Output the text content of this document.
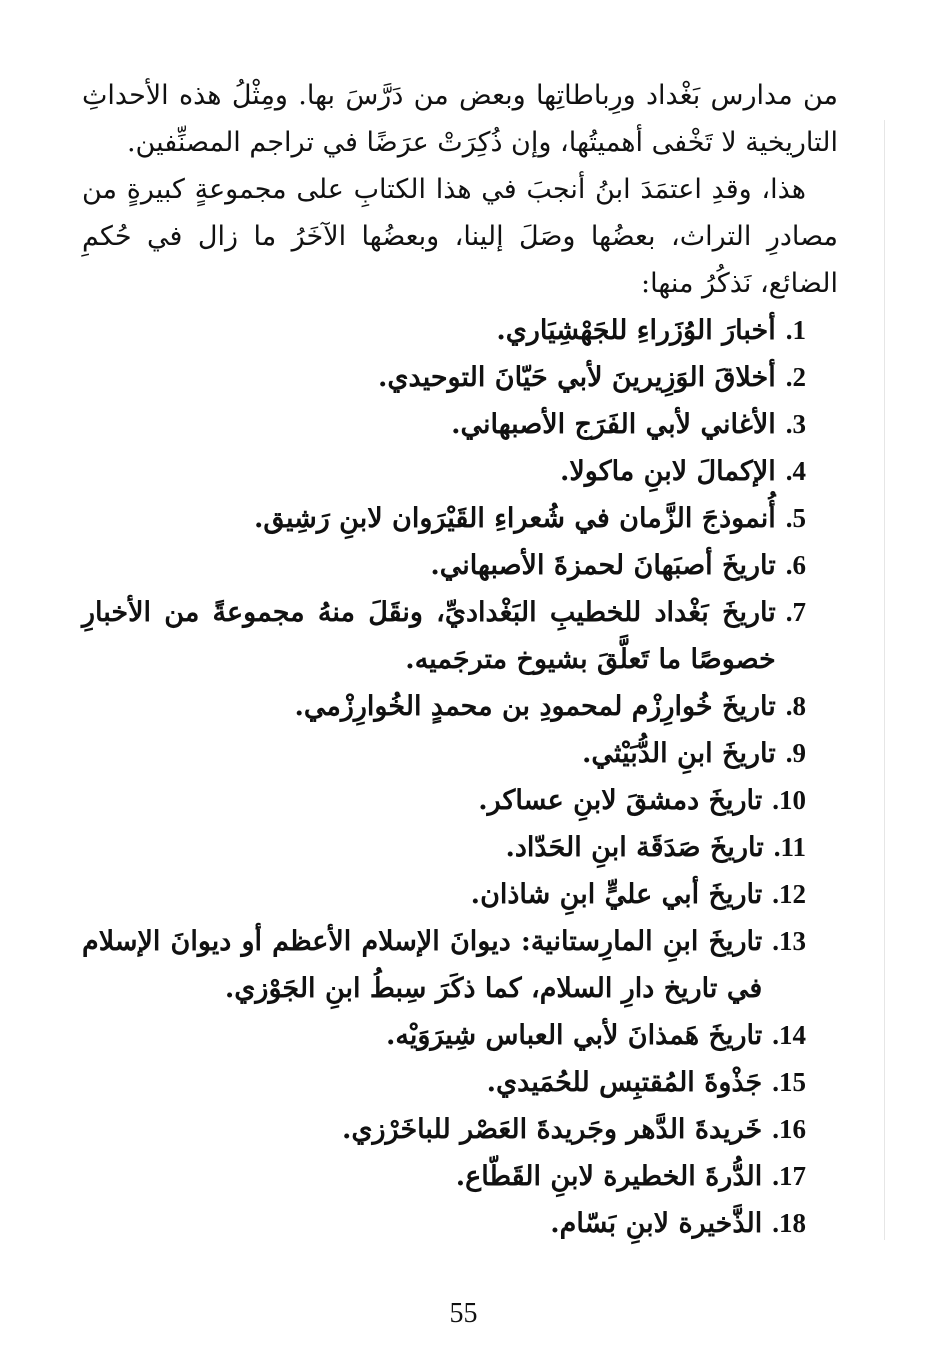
من مدارس بَغْداد ورِباطاتِها وبعض من دَرَّسَ بها. ومِثْلُ هذه الأحداثِ التاريخية لا تَخْفى أهميتُها، وإن ذُكِرَتْ عرَضًا في تراجم المصنِّفين.

هذا، وقدِ اعتمَدَ ابنُ أنجبَ في هذا الكتابِ على مجموعةٍ كبيرةٍ من مصادرِ التراث، بعضُها وصَلَ إلينا، وبعضُها الآخَرُ ما زال في حُكمِ الضائع، نَذكُرُ منها:

1.
أخبارَ الوُزَراءِ للجَهْشِيَاري.
2.
أخلاقَ الوَزِيرينَ لأبي حَيّانَ التوحيدي.
3.
الأغاني لأبي الفَرَج الأصبهاني.
4.
الإكمالَ لابنِ ماكولا.
5.
أُنموذجَ الزَّمان في شُعراءِ القَيْرَوان لابنِ رَشِيق.
6.
تاريخَ أصبَهانَ لحمزةَ الأصبهاني.
7.
تاريخَ بَغْداد للخطيبِ البَغْداديِّ، ونقَلَ منهُ مجموعةً من الأخبارِ خصوصًا ما تَعلَّقَ بشيوخ مترجَميه.
8.
تاريخَ خُوارِزْم لمحمودِ بن محمدٍ الخُوارِزْمي.
9.
تاريخَ ابنِ الدُّبَيْثي.
10.
تاريخَ دمشقَ لابنِ عساكر.
11.
تاريخَ صَدَقَة ابنِ الحَدّاد.
12.
تاريخَ أبي عليٍّ ابنِ شاذان.
13.
تاريخَ ابنِ المارِستانية: ديوانَ الإسلام الأعظم أو ديوانَ الإسلام في تاريخ دارِ السلام، كما ذكَرَ سِبطُ ابنِ الجَوْزي.
14.
تاريخَ هَمذانَ لأبي العباس شِيرَوَيْه.
15.
جَذْوةَ المُقتبِس للحُمَيدي.
16.
خَريدةَ الدَّهر وجَريدةَ العَصْر للباخَرْزي.
17.
الدُّرةَ الخطيرة لابنِ القَطّاع.
18.
الذَّخيرة لابنِ بَسّام.
55
